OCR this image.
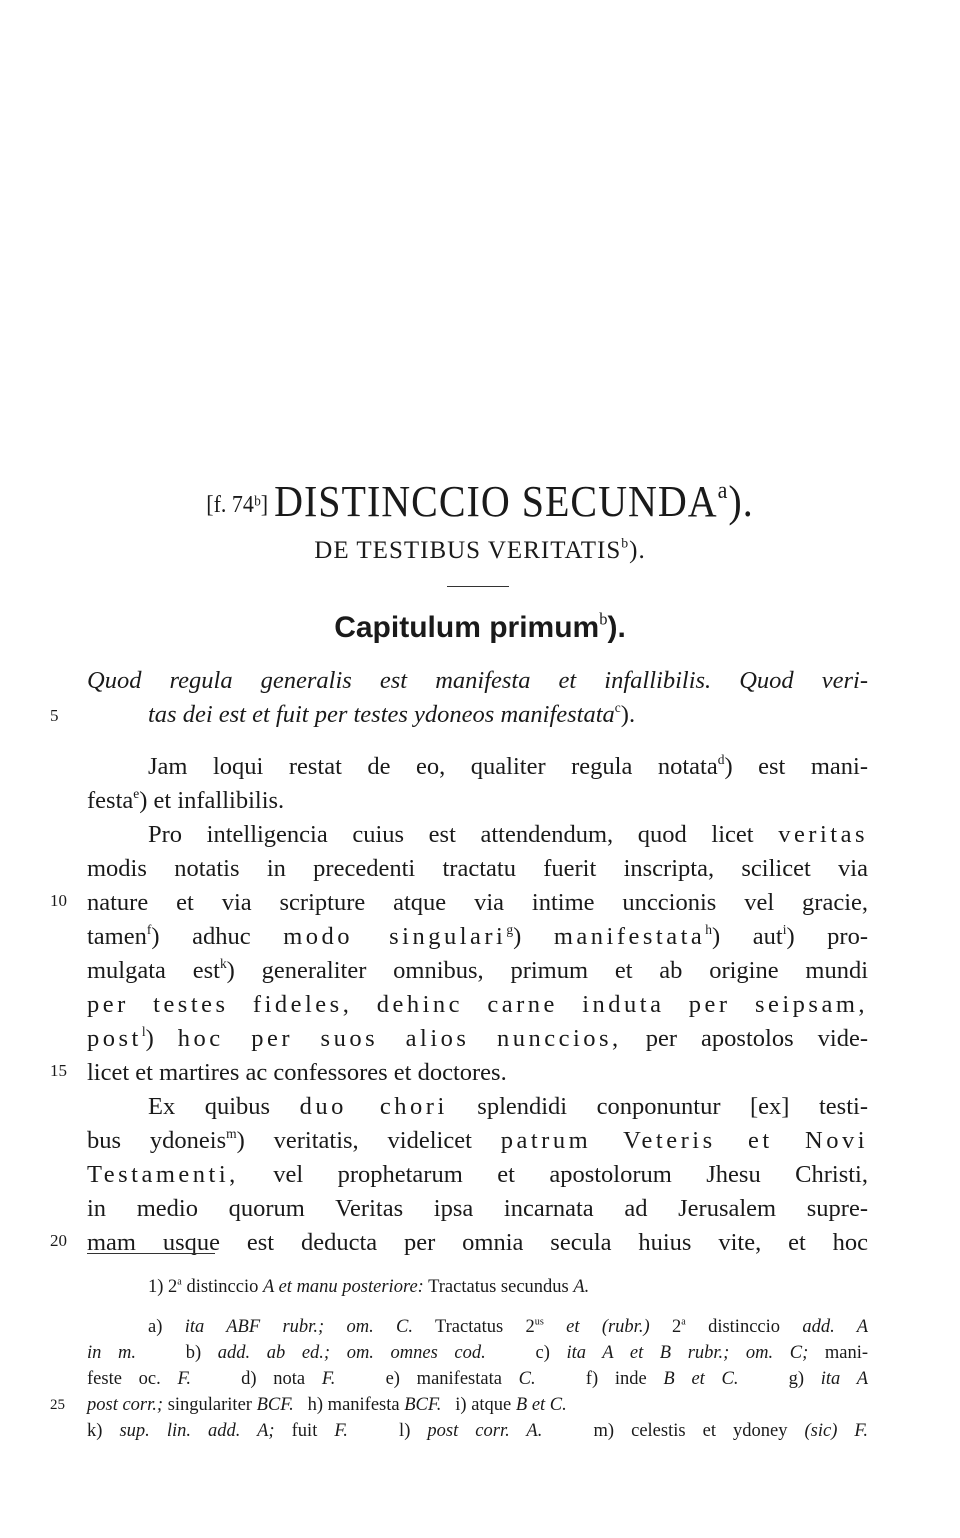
[f. 74ᵇ] DISTINCCIO SECUNDA$^a$).
DE TESTIBUS VERITATIS$^b$).
Capitulum primum$^b$).
Quod regula generalis est manifesta et infallibilis. Quod veri-
tas dei est et fuit per testes ydoneos manifestata$^c$).
5
Jam loqui restat de eo, qualiter regula notata$^d$) est mani-
festa$^e$) et infallibilis.
Pro intelligencia cuius est attendendum, quod licet veritas
modis notatis in precedenti tractatu fuerit inscripta, scilicet via
nature et via scripture atque via intime unccionis vel gracie,
10
tamen$^f$) adhuc modo singulari$^g$) manifestata$^h$) aut$^i$) pro-
mulgata est$^k$) generaliter omnibus, primum et ab origine mundi
per testes fideles, dehinc carne induta per seipsam,
post$^l$) hoc per suos alios nunccios, per apostolos vide-
licet et martires ac confessores et doctores.
15
Ex quibus duo chori splendidi conponuntur [ex] testi-
bus ydoneis$^m$) veritatis, videlicet patrum Veteris et Novi
Testamenti, vel prophetarum et apostolorum Jhesu Christi,
in medio quorum Veritas ipsa incarnata ad Jerusalem supre-
mam usque est deducta per omnia secula huius vite, et hoc
20
1) 2$^a$ distinccio A et manu posteriore: Tractatus secundus A.
a) ita ABF rubr.; om. C. Tractatus $2^{us}$ et (rubr.) 2$^a$ distinccio add. A
in m.   b) add. ab ed.; om. omnes cod.   c) ita A et B rubr.; om. C; mani-
feste oc. F.   d) nota F.   e) manifestata C.   f) inde B et C.   g) ita A
post corr.; singulariter BCF.   h) manifesta BCF.   i) atque B et C.
25
k) sup. lin. add. A; fuit F.   l) post corr. A.   m) celestis et ydoney (sic) F.
